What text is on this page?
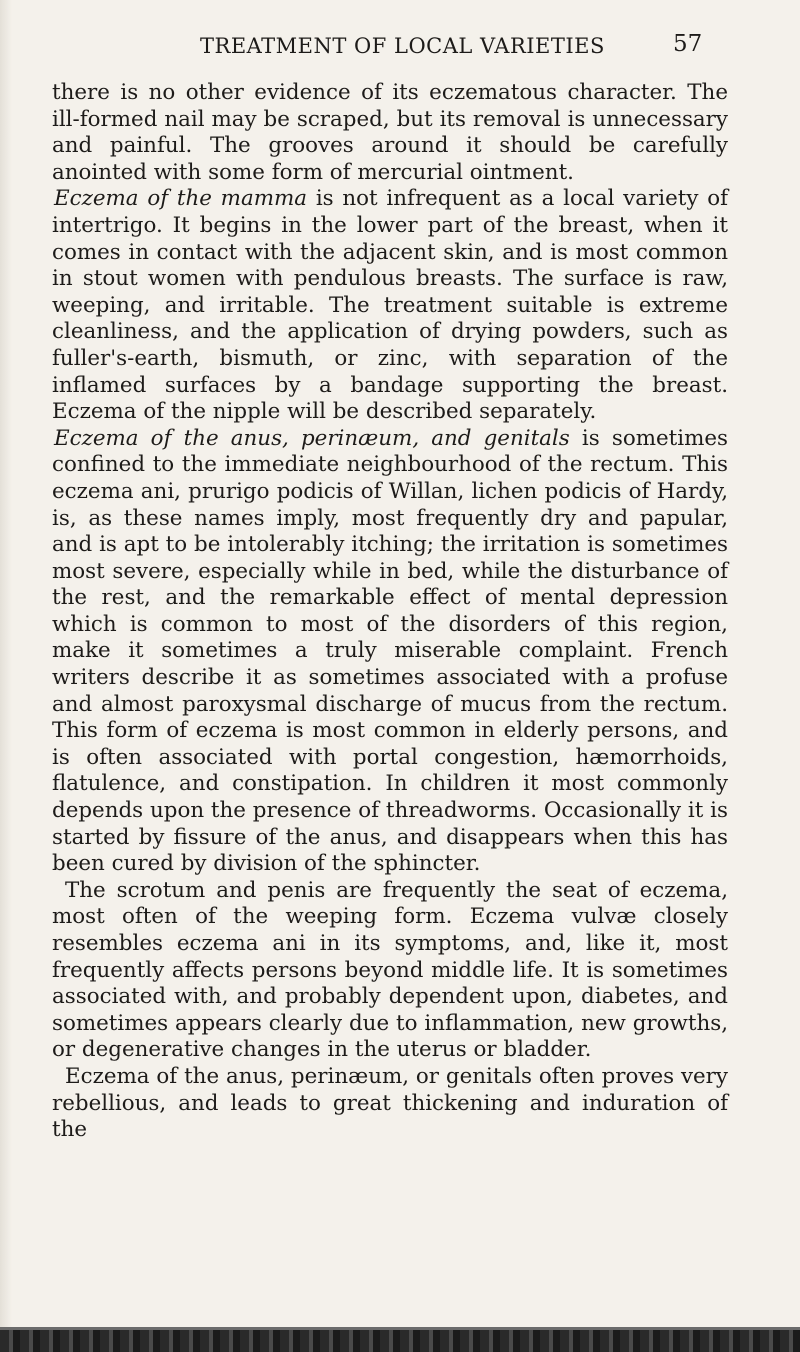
TREATMENT OF LOCAL VARIETIES	57

there is no other evidence of its eczematous character. The ill-formed nail may be scraped, but its removal is unnecessary and painful. The grooves around it should be carefully anointed with some form of mercurial ointment.

Eczema of the mamma is not infrequent as a local variety of intertrigo. It begins in the lower part of the breast, when it comes in contact with the adjacent skin, and is most common in stout women with pendulous breasts. The surface is raw, weeping, and irritable. The treatment suitable is extreme cleanliness, and the application of drying powders, such as fuller's-earth, bismuth, or zinc, with separation of the inflamed surfaces by a bandage supporting the breast. Eczema of the nipple will be described separately.

Eczema of the anus, perinæum, and genitals is sometimes confined to the immediate neighbourhood of the rectum. This eczema ani, prurigo podicis of Willan, lichen podicis of Hardy, is, as these names imply, most frequently dry and papular, and is apt to be intolerably itching; the irritation is sometimes most severe, especially while in bed, while the disturbance of the rest, and the remarkable effect of mental depression which is common to most of the disorders of this region, make it sometimes a truly miserable complaint. French writers describe it as sometimes associated with a profuse and almost paroxysmal discharge of mucus from the rectum. This form of eczema is most common in elderly persons, and is often associated with portal congestion, hæmorrhoids, flatulence, and constipation. In children it most commonly depends upon the presence of threadworms. Occasionally it is started by fissure of the anus, and disappears when this has been cured by division of the sphincter.

The scrotum and penis are frequently the seat of eczema, most often of the weeping form. Eczema vulvæ closely resembles eczema ani in its symptoms, and, like it, most frequently affects persons beyond middle life. It is sometimes associated with, and probably dependent upon, diabetes, and sometimes appears clearly due to inflammation, new growths, or degenerative changes in the uterus or bladder.

Eczema of the anus, perinæum, or genitals often proves very rebellious, and leads to great thickening and induration of the
